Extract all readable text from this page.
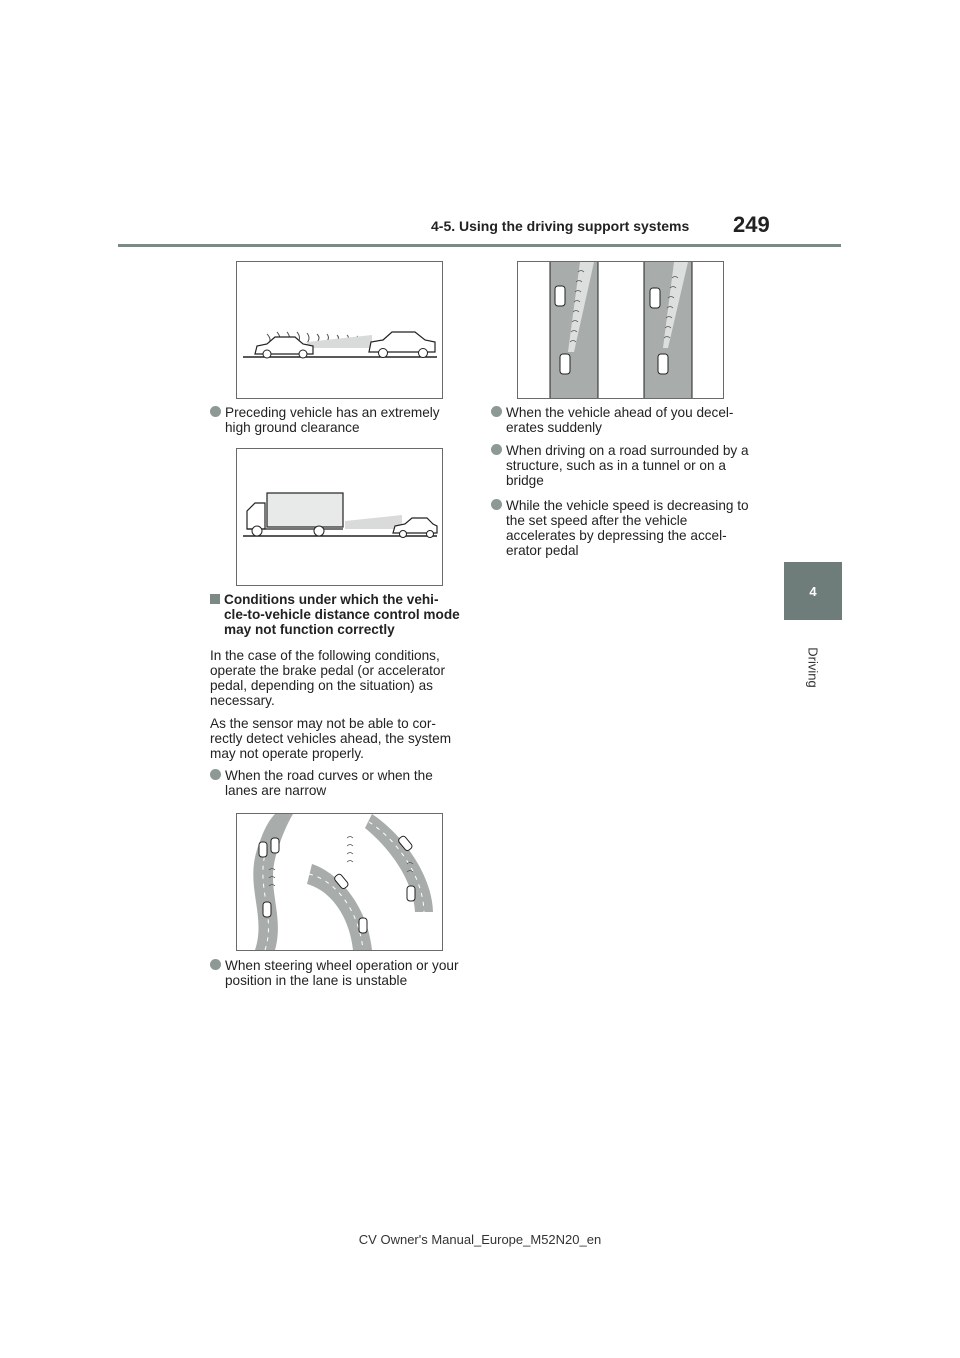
4-5. Using the driving support systems 249
4
Driving
Preceding vehicle has an extremely high ground clearance
Conditions under which the vehi-cle-to-vehicle distance control mode may not function correctly
In the case of the following conditions, operate the brake pedal (or accelerator pedal, depending on the situation) as necessary.
As the sensor may not be able to cor-rectly detect vehicles ahead, the system may not operate properly.
When the road curves or when the lanes are narrow
When steering wheel operation or your position in the lane is unstable
When the vehicle ahead of you decel-erates suddenly
When driving on a road surrounded by a structure, such as in a tunnel or on a bridge
While the vehicle speed is decreasing to the set speed after the vehicle accelerates by depressing the accel-erator pedal
CV Owner's Manual_Europe_M52N20_en
